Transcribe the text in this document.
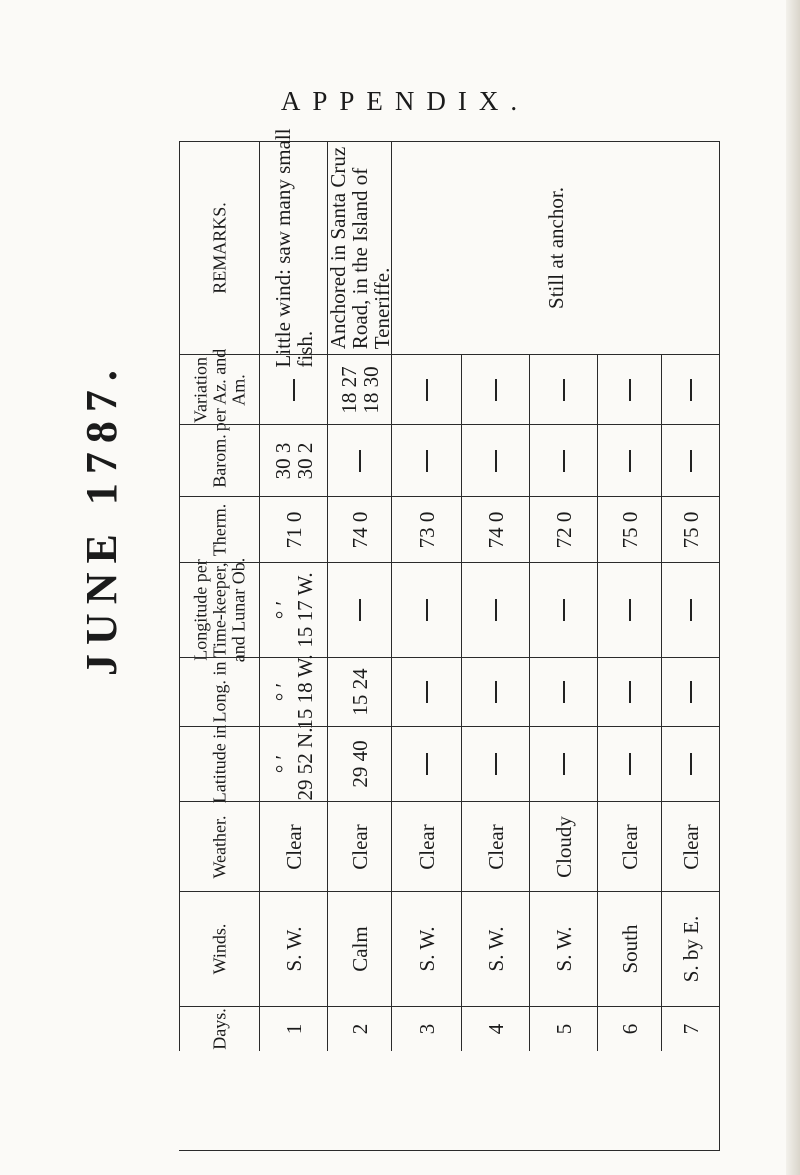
APPENDIX.
JUNE 1787.
REMARKS.
Little wind: saw many small
fish.
Anchored in Santa Cruz
Road, in the Island of
Teneriffe.	Still at anchor.
Variation
per Az. and
Am.	18 27
18 30
Barom. 30 3
30 2
Therm. 71 0 74 0 73 0 74 0 72 0 75 0 75 0
Longitude per
Time-keeper,
and Lunar Ob.
° ′
15 17 W.
Long. in ° ′
15 18 W.
15 24
Latitude in ° ′
29 52 N.
29 40
Weather. Clear Clear Clear Clear Cloudy Clear Clear
Winds. S. W. Calm S. W. S. W. S. W. South S. by E.
Days. 1 2 3 4 5 6 7
